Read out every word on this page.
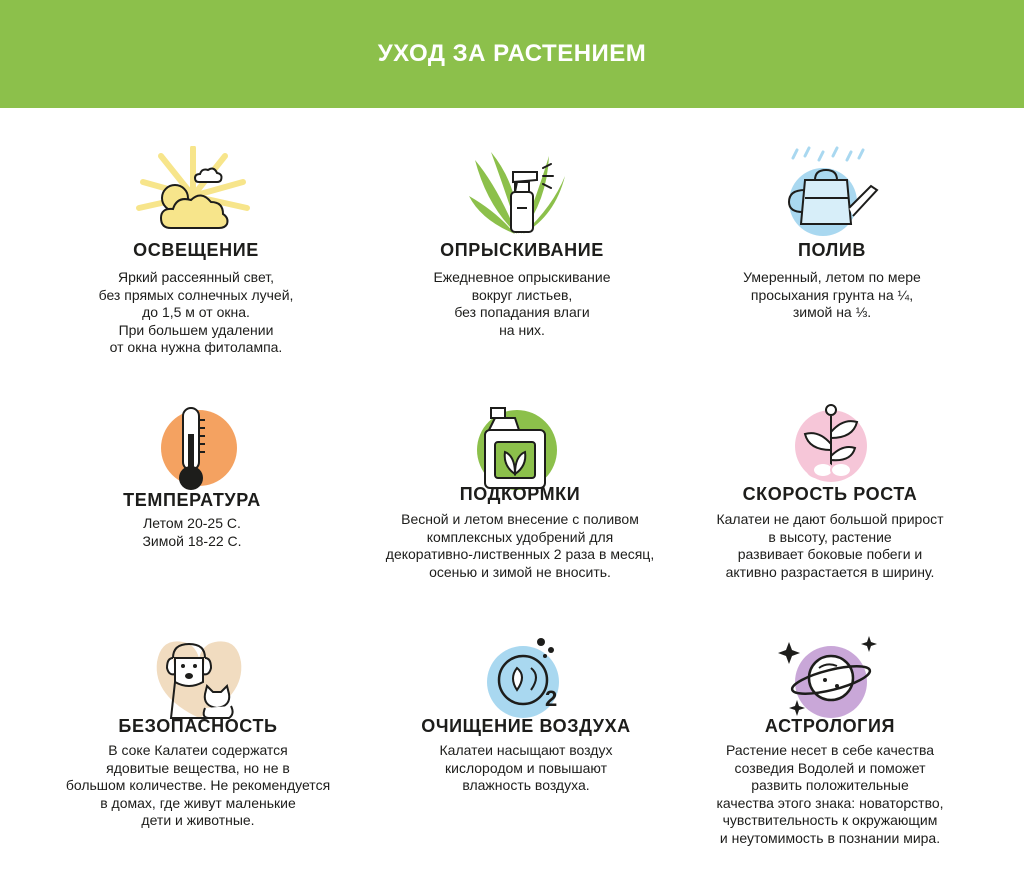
УХОД ЗА РАСТЕНИЕМ
ОСВЕЩЕНИЕ

Яркий рассеянный свет,
без прямых солнечных лучей,
до 1,5 м от окна.
При большем удалении
от окна нужна фитолампа.

ОПРЫСКИВАНИЕ

Ежедневное опрыскивание
вокруг листьев,
без попадания влаги
на них.

ПОЛИВ

Умеренный, летом по мере
просыхания грунта на ¼,
зимой на ⅓.

ТЕМПЕРАТУРА

Летом 20-25 С.
Зимой 18-22 С.

ПОДКОРМКИ

Весной и летом внесение с поливом
комплексных удобрений для
декоративно-лиственных 2 раза в месяц,
осенью и зимой не вносить.

СКОРОСТЬ РОСТА

Калатеи не дают большой прирост
в высоту, растение
развивает боковые побеги и
активно разрастается в ширину.

БЕЗОПАСНОСТЬ

В соке Калатеи содержатся
ядовитые вещества, но не в
большом количестве. Не рекомендуется
в домах, где живут маленькие
дети и животные.

2
ОЧИЩЕНИЕ ВОЗДУХА

Калатеи насыщают воздух
кислородом и повышают
влажность воздуха.

АСТРОЛОГИЯ

Растение несет в себе качества
созведия Водолей и поможет
развить положительные
качества этого знака: новаторство,
чувствительность к окружающим
и неутомимость в познании мира.
